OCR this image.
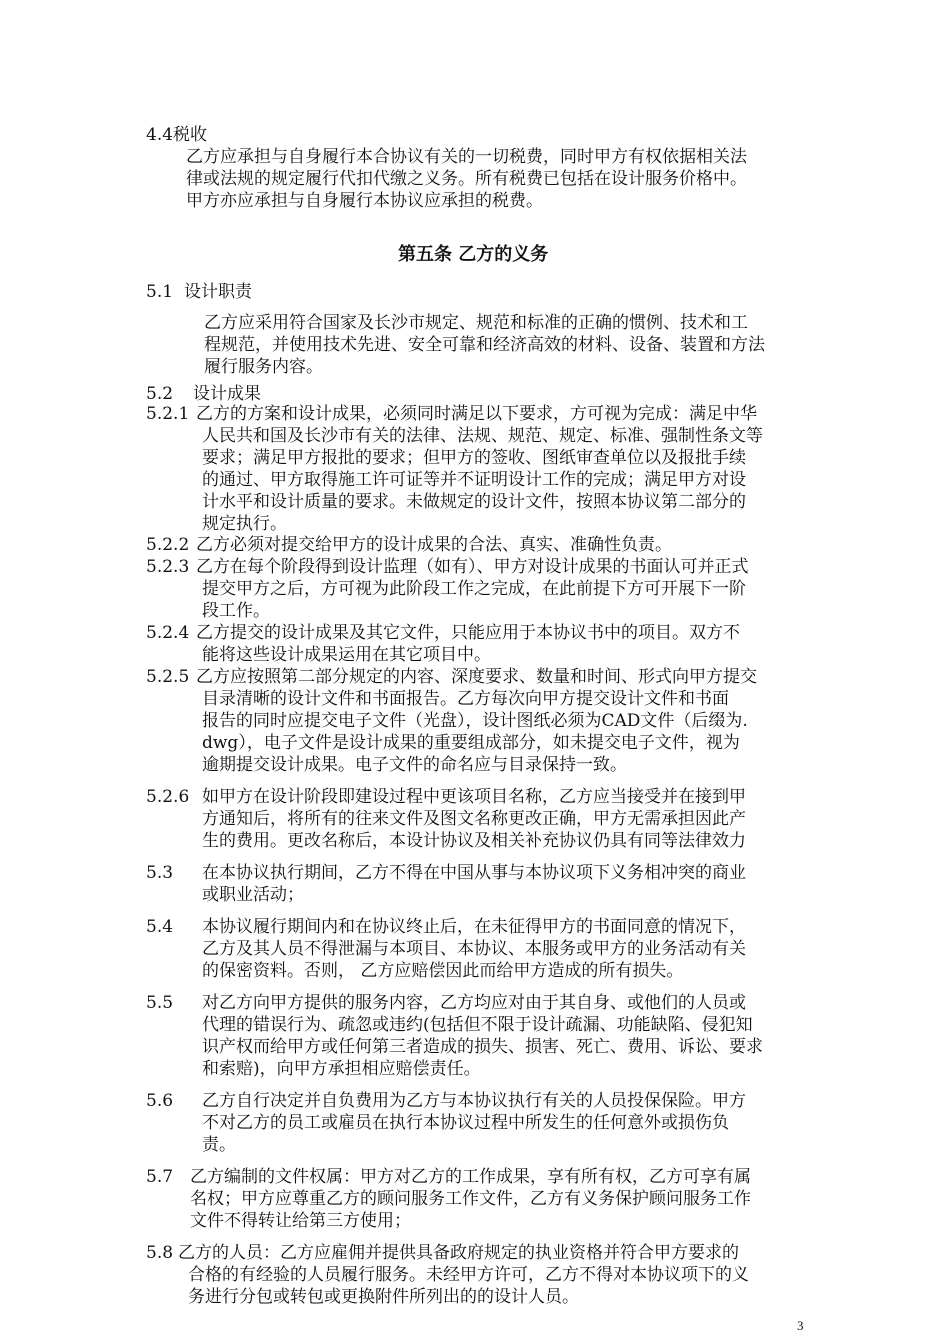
4.4税收
乙方应承担与自身履行本合协议有关的一切税费，同时甲方有权依据相关法
律或法规的规定履行代扣代缴之义务。所有税费已包括在设计服务价格中。
甲方亦应承担与自身履行本协议应承担的税费。
第五条 乙方的义务
5.1 设计职责
乙方应采用符合国家及长沙市规定、规范和标准的正确的惯例、技术和工
程规范，并使用技术先进、安全可靠和经济高效的材料、设备、装置和方法
履行服务内容。
5.2 设计成果
5.2.1 乙方的方案和设计成果，必须同时满足以下要求，方可视为完成：满足中华
人民共和国及长沙市有关的法律、法规、规范、规定、标准、强制性条文等
要求；满足甲方报批的要求；但甲方的签收、图纸审查单位以及报批手续
的通过、甲方取得施工许可证等并不证明设计工作的完成；满足甲方对设
计水平和设计质量的要求。未做规定的设计文件，按照本协议第二部分的
规定执行。
5.2.2 乙方必须对提交给甲方的设计成果的合法、真实、准确性负责。
5.2.3 乙方在每个阶段得到设计监理（如有）、甲方对设计成果的书面认可并正式
提交甲方之后，方可视为此阶段工作之完成，在此前提下方可开展下一阶
段工作。
5.2.4 乙方提交的设计成果及其它文件，只能应用于本协议书中的项目。双方不
能将这些设计成果运用在其它项目中。
5.2.5 乙方应按照第二部分规定的内容、深度要求、数量和时间、形式向甲方提交
目录清晰的设计文件和书面报告。乙方每次向甲方提交设计文件和书面
报告的同时应提交电子文件（光盘），设计图纸必须为CAD文件（后缀为.
dwg），电子文件是设计成果的重要组成部分，如未提交电子文件，视为
逾期提交设计成果。电子文件的命名应与目录保持一致。
5.2.6 如甲方在设计阶段即建设过程中更该项目名称，乙方应当接受并在接到甲
方通知后，将所有的往来文件及图文名称更改正确，甲方无需承担因此产
生的费用。更改名称后，本设计协议及相关补充协议仍具有同等法律效力
5.3 在本协议执行期间，乙方不得在中国从事与本协议项下义务相冲突的商业
或职业活动；
5.4 本协议履行期间内和在协议终止后，在未征得甲方的书面同意的情况下，
乙方及其人员不得泄漏与本项目、本协议、本服务或甲方的业务活动有关
的保密资料。否则， 乙方应赔偿因此而给甲方造成的所有损失。
5.5 对乙方向甲方提供的服务内容，乙方均应对由于其自身、或他们的人员或
代理的错误行为、疏忽或违约(包括但不限于设计疏漏、功能缺陷、侵犯知
识产权而给甲方或任何第三者造成的损失、损害、死亡、费用、诉讼、要求
和索赔)，向甲方承担相应赔偿责任。
5.6 乙方自行决定并自负费用为乙方与本协议执行有关的人员投保保险。甲方
不对乙方的员工或雇员在执行本协议过程中所发生的任何意外或损伤负
责。
5.7 乙方编制的文件权属：甲方对乙方的工作成果，享有所有权，乙方可享有属
名权；甲方应尊重乙方的顾问服务工作文件，乙方有义务保护顾问服务工作
文件不得转让给第三方使用；
5.8 乙方的人员：乙方应雇佣并提供具备政府规定的执业资格并符合甲方要求的
合格的有经验的人员履行服务。未经甲方许可，乙方不得对本协议项下的义
务进行分包或转包或更换附件所列出的的设计人员。
3
